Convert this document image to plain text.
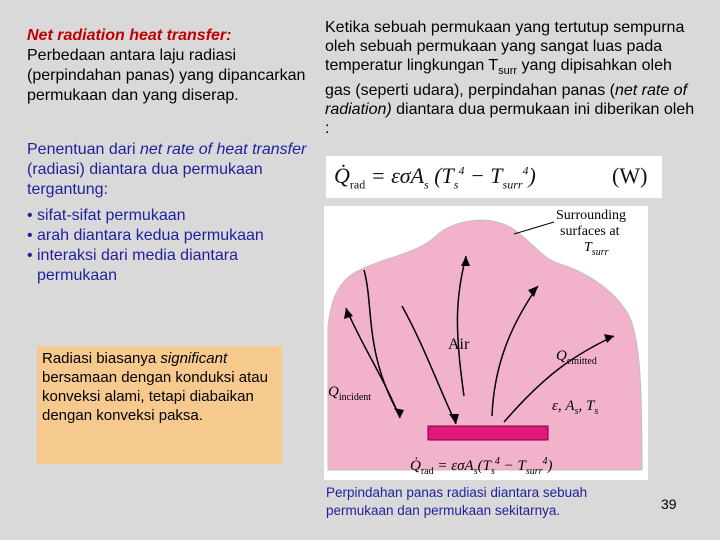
Net radiation heat transfer:
Perbedaan antara laju radiasi (perpindahan panas) yang dipancarkan permukaan dan yang diserap.
Penentuan dari net rate of heat transfer (radiasi) diantara dua permukaan tergantung:
• sifat-sifat permukaan
• arah diantara kedua permukaan
• interaksi dari media diantara permukaan
Radiasi biasanya significant bersamaan dengan konduksi atau konveksi alami, tetapi diabaikan dengan konveksi paksa.
Ketika sebuah permukaan yang tertutup sempurna oleh sebuah permukaan yang sangat luas pada temperatur lingkungan $T_{surr}$ yang dipisahkan oleh gas (seperti udara), perpindahan panas (net rate of radiation) diantara dua permukaan ini diberikan oleh :
$Q̇_{rad} = \varepsilon\sigma A_s$ $(T_s^4 - T_{surr}^4)$	(W)
Surrounding
surfaces at
$T_{surr}$
Air
$Q_{emitted}$
$Q_{incident}$
ε, $A_s$, $T_s$
$Q̇_{rad} = \varepsilon\sigma A_s(T_s^4 - T_{surr}^4)$
Perpindahan panas radiasi diantara sebuah permukaan dan permukaan sekitarnya.	39
